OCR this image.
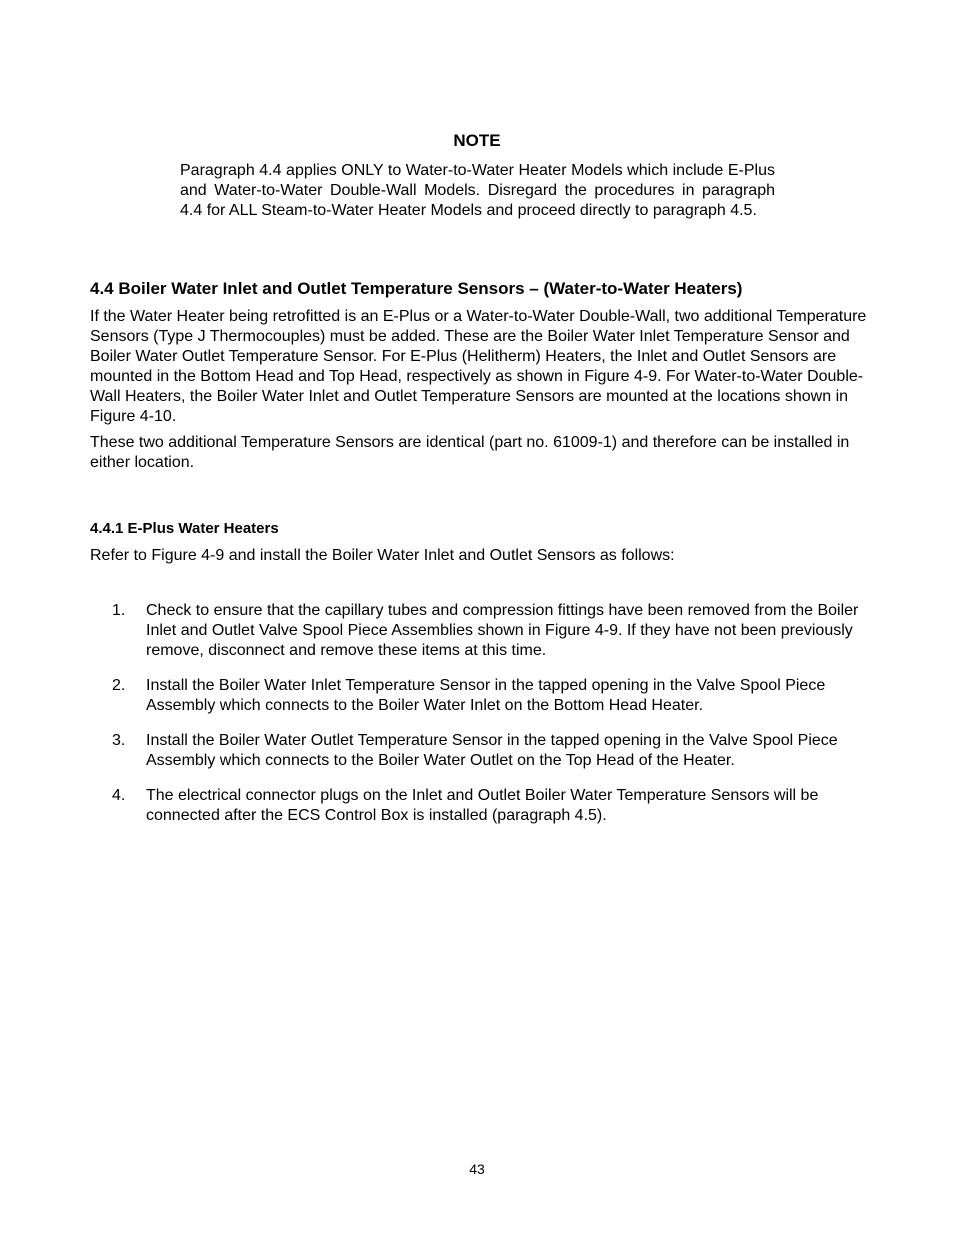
NOTE

Paragraph 4.4 applies ONLY to Water-to-Water Heater Models which include E-Plus and Water-to-Water Double-Wall Models. Disregard the procedures in paragraph 4.4 for ALL Steam-to-Water Heater Models and proceed directly to paragraph 4.5.

4.4 Boiler Water Inlet and Outlet Temperature Sensors – (Water-to-Water Heaters)

If the Water Heater being retrofitted is an E-Plus or a Water-to-Water Double-Wall, two additional Temperature Sensors (Type J Thermocouples) must be added. These are the Boiler Water Inlet Temperature Sensor and Boiler Water Outlet Temperature Sensor. For E-Plus (Helitherm) Heaters, the Inlet and Outlet Sensors are mounted in the Bottom Head and Top Head, respectively as shown in Figure 4-9. For Water-to-Water Double-Wall Heaters, the Boiler Water Inlet and Outlet Temperature Sensors are mounted at the locations shown in Figure 4-10.

These two additional Temperature Sensors are identical (part no. 61009-1) and therefore can be installed in either location.

4.4.1 E-Plus Water Heaters

Refer to Figure 4-9 and install the Boiler Water Inlet and Outlet Sensors as follows:

1. Check to ensure that the capillary tubes and compression fittings have been removed from the Boiler Inlet and Outlet Valve Spool Piece Assemblies shown in Figure 4-9. If they have not been previously remove, disconnect and remove these items at this time.
2. Install the Boiler Water Inlet Temperature Sensor in the tapped opening in the Valve Spool Piece Assembly which connects to the Boiler Water Inlet on the Bottom Head Heater.
3. Install the Boiler Water Outlet Temperature Sensor in the tapped opening in the Valve Spool Piece Assembly which connects to the Boiler Water Outlet on the Top Head of the Heater.
4. The electrical connector plugs on the Inlet and Outlet Boiler Water Temperature Sensors will be connected after the ECS Control Box is installed (paragraph 4.5).
43
